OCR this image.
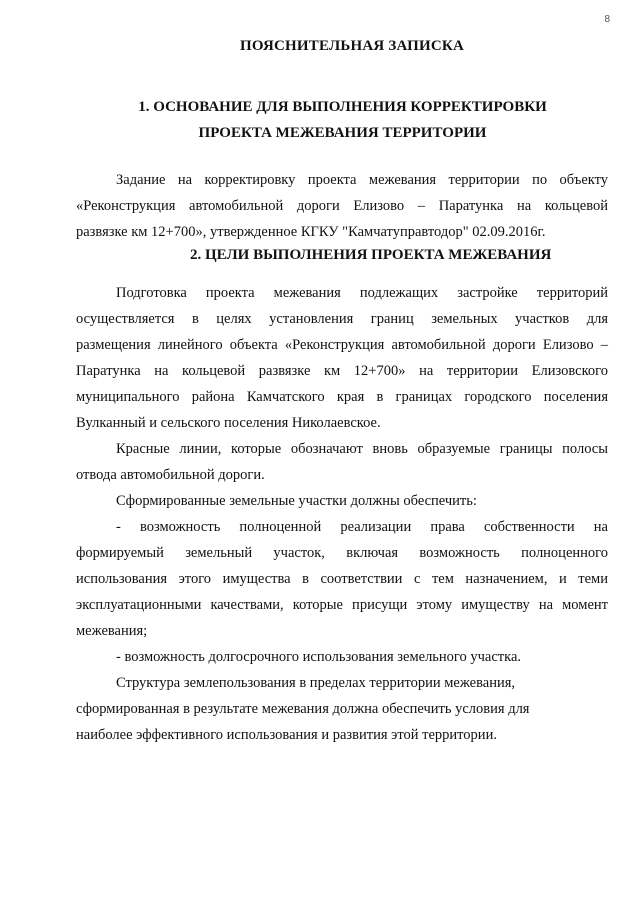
8
ПОЯСНИТЕЛЬНАЯ ЗАПИСКА
1. ОСНОВАНИЕ ДЛЯ ВЫПОЛНЕНИЯ КОРРЕКТИРОВКИ
ПРОЕКТА МЕЖЕВАНИЯ ТЕРРИТОРИИ
Задание на корректировку проекта межевания территории по объекту
«Реконструкция автомобильной дороги Елизово – Паратунка на кольцевой
развязке км 12+700», утвержденное КГКУ "Камчатуправтодор" 02.09.2016г.
2. ЦЕЛИ ВЫПОЛНЕНИЯ ПРОЕКТА МЕЖЕВАНИЯ
Подготовка проекта межевания подлежащих застройке территорий
осуществляется в целях установления границ земельных участков для
размещения линейного объекта «Реконструкция автомобильной дороги Елизово –
Паратунка на кольцевой развязке км 12+700» на территории Елизовского
муниципального района Камчатского края в границах городского поселения
Вулканный и сельского поселения Николаевское.
Красные линии, которые обозначают вновь образуемые границы полосы
отвода автомобильной дороги.
Сформированные земельные участки должны обеспечить:
- возможность полноценной реализации права собственности на
формируемый земельный участок, включая возможность полноценного
использования этого имущества в соответствии с тем назначением, и теми
эксплуатационными качествами, которые присущи этому имуществу на момент
межевания;
- возможность долгосрочного использования земельного участка.
Структура землепользования в пределах территории межевания,
сформированная в результате межевания должна обеспечить условия для
наиболее эффективного использования и развития этой территории.
